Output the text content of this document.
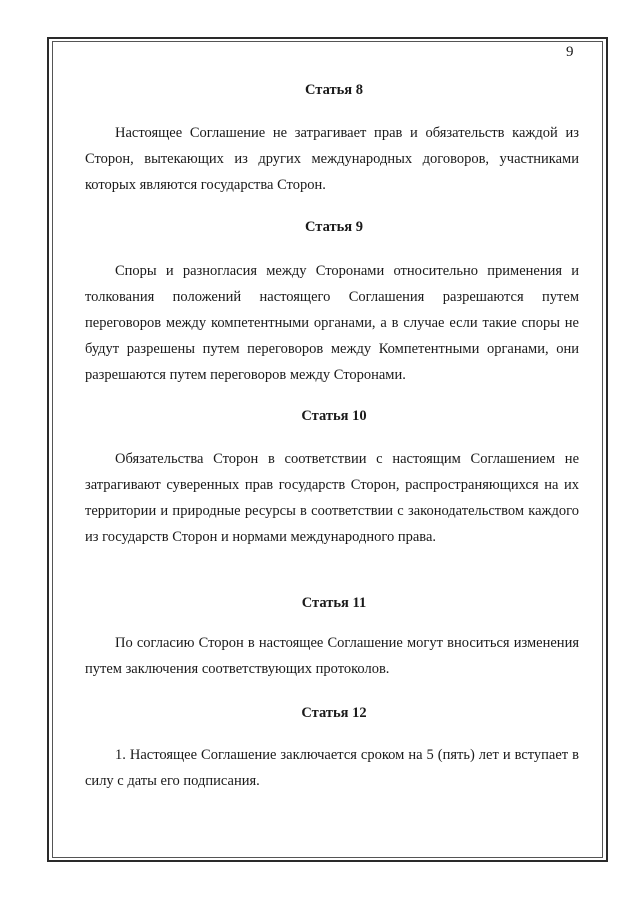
9
Статья 8

Настоящее Соглашение не затрагивает прав и обязательств каждой из Сторон, вытекающих из других международных договоров, участниками которых являются государства Сторон.

Статья 9

Споры и разногласия между Сторонами относительно применения и толкования положений настоящего Соглашения разрешаются путем переговоров между компетентными органами, а в случае если такие споры не будут разрешены путем переговоров между Компетентными органами, они разрешаются путем переговоров между Сторонами.

Статья 10

Обязательства Сторон в соответствии с настоящим Соглашением не затрагивают суверенных прав государств Сторон, распространяющихся на их территории и природные ресурсы в соответствии с законодательством каждого из государств Сторон и нормами международного права.

Статья 11

По согласию Сторон в настоящее Соглашение могут вноситься изменения путем заключения соответствующих протоколов.

Статья 12

1. Настоящее Соглашение заключается сроком на 5 (пять) лет и вступает в силу с даты его подписания.
